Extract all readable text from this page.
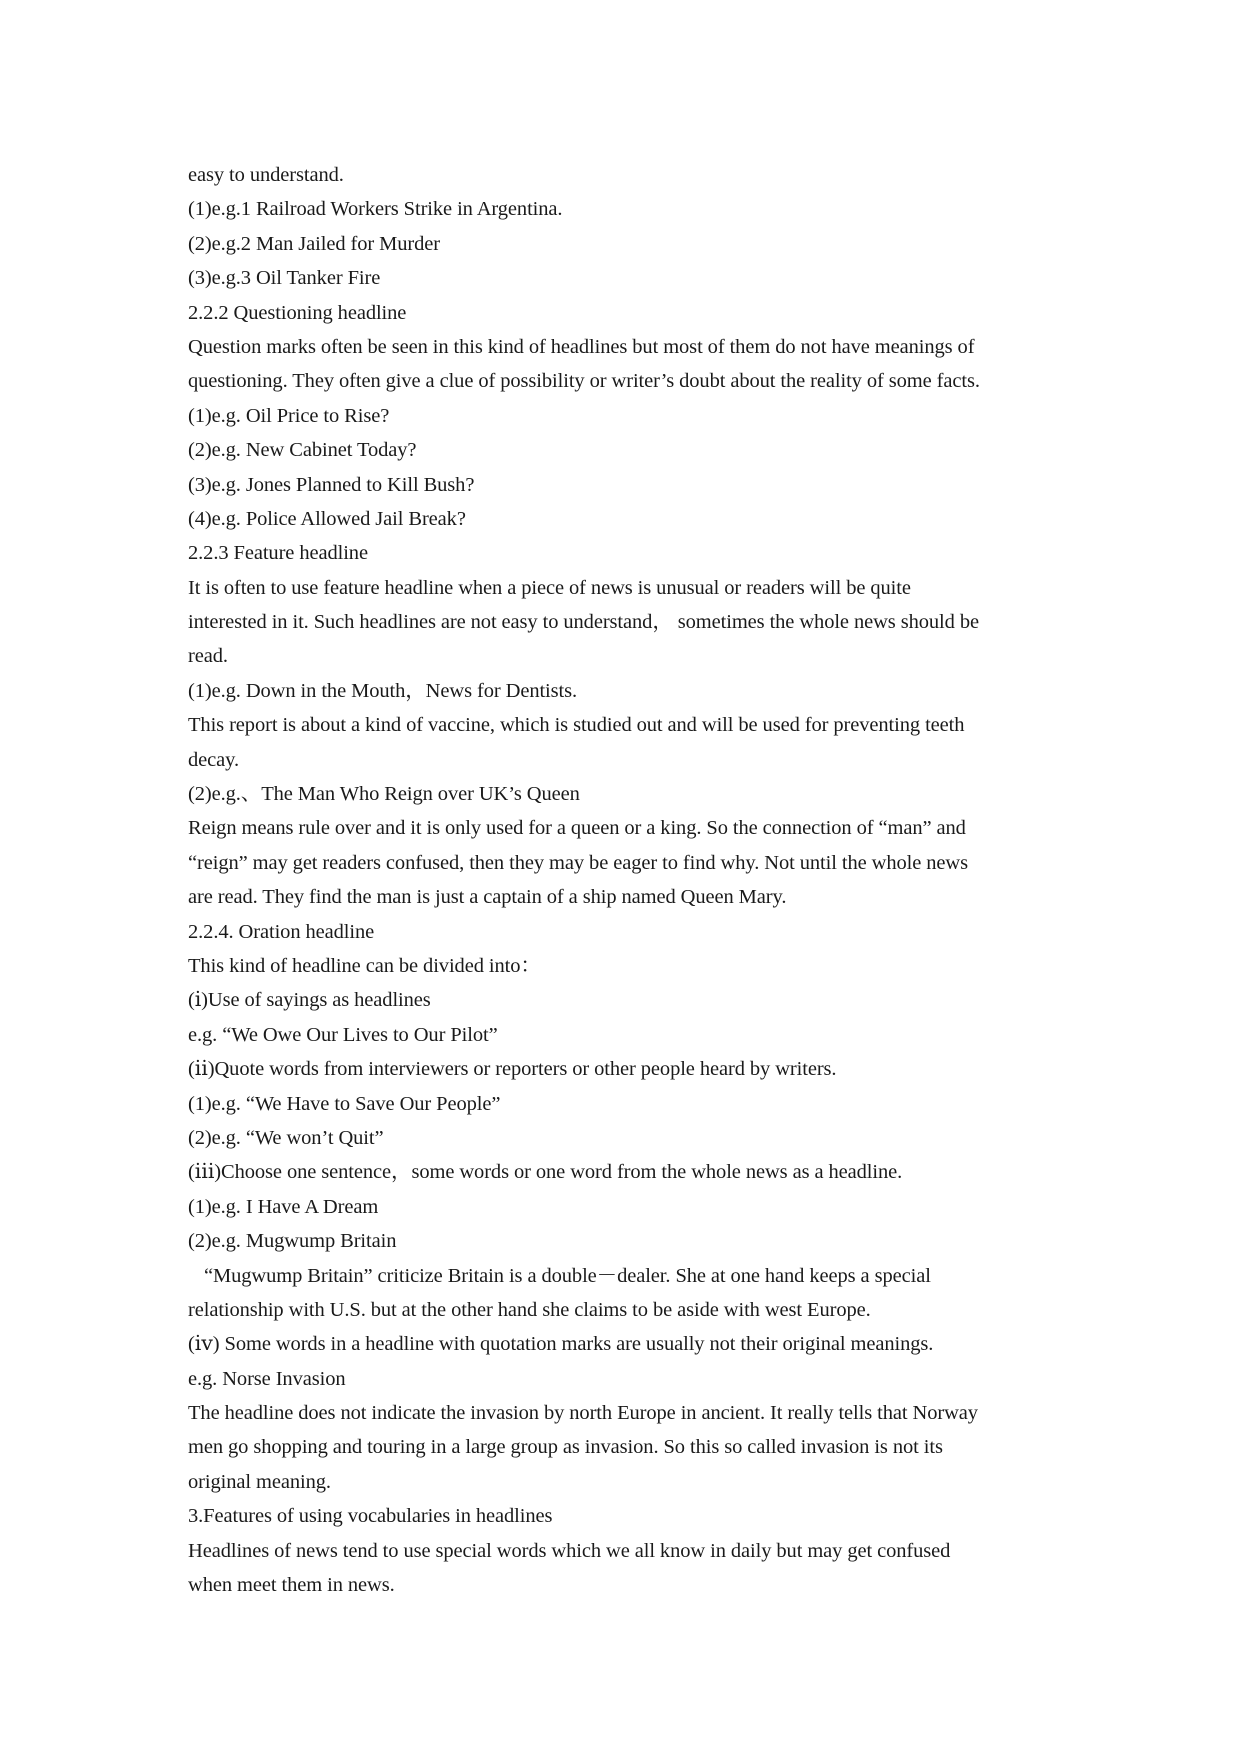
easy to understand.
(1)e.g.1 Railroad Workers Strike in Argentina.
(2)e.g.2 Man Jailed for Murder
(3)e.g.3 Oil Tanker Fire
2.2.2 Questioning headline
Question marks often be seen in this kind of headlines but most of them do not have meanings of
questioning. They often give a clue of possibility or writer’s doubt about the reality of some facts.
(1)e.g. Oil Price to Rise?
(2)e.g. New Cabinet Today?
(3)e.g. Jones Planned to Kill Bush?
(4)e.g. Police Allowed Jail Break?
2.2.3 Feature headline
It is often to use feature headline when a piece of news is unusual or readers will be quite
interested in it. Such headlines are not easy to understand， sometimes the whole news should be
read.
(1)e.g. Down in the Mouth，News for Dentists.
This report is about a kind of vaccine, which is studied out and will be used for preventing teeth
decay.
(2)e.g.、The Man Who Reign over UK’s Queen
Reign means rule over and it is only used for a queen or a king. So the connection of “man” and
“reign” may get readers confused, then they may be eager to find why. Not until the whole news
are read. They find the man is just a captain of a ship named Queen Mary.
2.2.4. Oration headline
This kind of headline can be divided into：
(ⅰ)Use of sayings as headlines
e.g. “We Owe Our Lives to Our Pilot”
(ⅱ)Quote words from interviewers or reporters or other people heard by writers.
(1)e.g. “We Have to Save Our People”
(2)e.g. “We won’t Quit”
(ⅲ)Choose one sentence，some words or one word from the whole news as a headline.
(1)e.g. I Have A Dream
(2)e.g. Mugwump Britain
“Mugwump Britain” criticize Britain is a double－dealer. She at one hand keeps a special
relationship with U.S. but at the other hand she claims to be aside with west Europe.
(ⅳ) Some words in a headline with quotation marks are usually not their original meanings.
e.g. Norse Invasion
The headline does not indicate the invasion by north Europe in ancient. It really tells that Norway
men go shopping and touring in a large group as invasion. So this so called invasion is not its
original meaning.
3.Features of using vocabularies in headlines
Headlines of news tend to use special words which we all know in daily but may get confused
when meet them in news.
